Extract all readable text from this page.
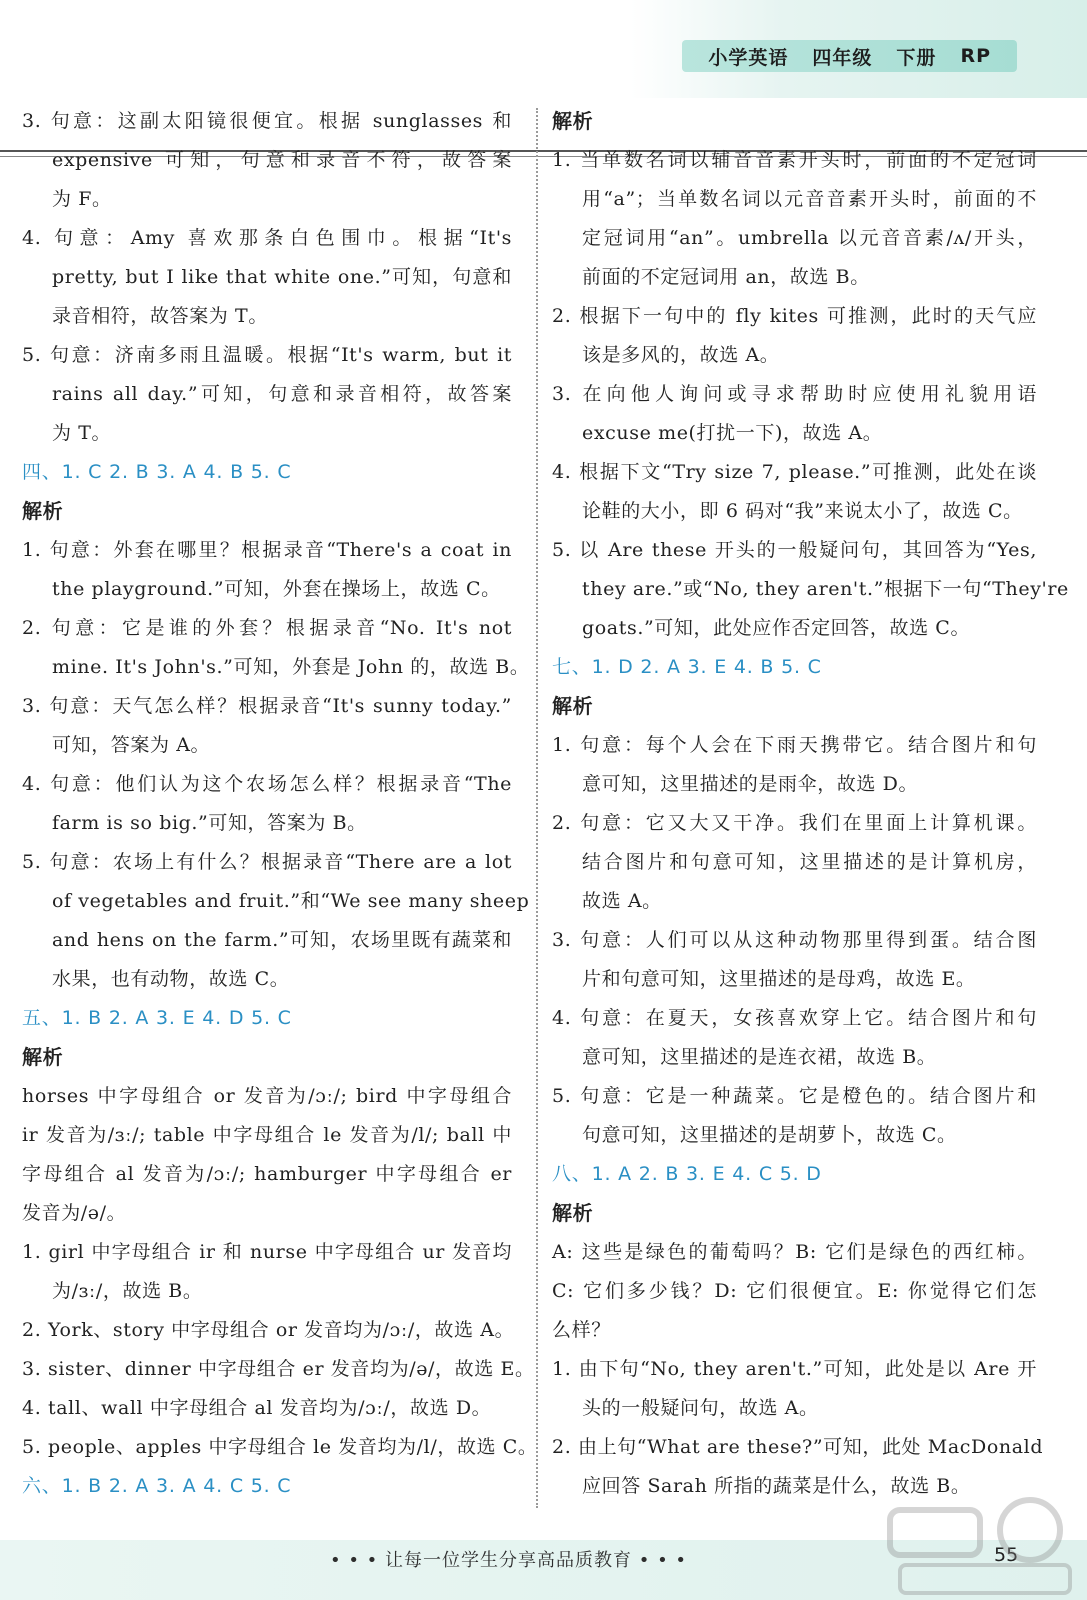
小学英语	四年级	下册	RP
3. 句意：这副太阳镜很便宜。根据 sunglasses 和
expensive 可知，句意和录音不符，故答案
为 F。
4. 句意：Amy 喜欢那条白色围巾。根据“It's
pretty, but I like that white one.”可知，句意和
录音相符，故答案为 T。
5. 句意：济南多雨且温暖。根据“It's warm, but it
rains all day.”可知，句意和录音相符，故答案
为 T。
四、1. C 2. B 3. A 4. B 5. C
解析
1. 句意：外套在哪里？根据录音“There's a coat in
the playground.”可知，外套在操场上，故选 C。
2. 句意：它是谁的外套？根据录音“No. It's not
mine. It's John's.”可知，外套是 John 的，故选 B。
3. 句意：天气怎么样？根据录音“It's sunny today.”
可知，答案为 A。
4. 句意：他们认为这个农场怎么样？根据录音“The
farm is so big.”可知，答案为 B。
5. 句意：农场上有什么？根据录音“There are a lot
of vegetables and fruit.”和“We see many sheep
and hens on the farm.”可知，农场里既有蔬菜和
水果，也有动物，故选 C。
五、1. B 2. A 3. E 4. D 5. C
解析
horses 中字母组合 or 发音为/ɔː/; bird 中字母组合
ir 发音为/ɜː/; table 中字母组合 le 发音为/l/; ball 中
字母组合 al 发音为/ɔː/; hamburger 中字母组合 er
发音为/ə/。
1. girl 中字母组合 ir 和 nurse 中字母组合 ur 发音均
为/ɜː/，故选 B。
2. York、story 中字母组合 or 发音均为/ɔː/，故选 A。
3. sister、dinner 中字母组合 er 发音均为/ə/，故选 E。
4. tall、wall 中字母组合 al 发音均为/ɔː/，故选 D。
5. people、apples 中字母组合 le 发音均为/l/，故选 C。
六、1. B 2. A 3. A 4. C 5. C
解析
1. 当单数名词以辅音音素开头时，前面的不定冠词
用“a”；当单数名词以元音音素开头时，前面的不
定冠词用“an”。umbrella 以元音音素/ʌ/开头，
前面的不定冠词用 an，故选 B。
2. 根据下一句中的 fly kites 可推测，此时的天气应
该是多风的，故选 A。
3. 在向他人询问或寻求帮助时应使用礼貌用语
excuse me(打扰一下)，故选 A。
4. 根据下文“Try size 7, please.”可推测，此处在谈
论鞋的大小，即 6 码对“我”来说太小了，故选 C。
5. 以 Are these 开头的一般疑问句，其回答为“Yes,
they are.”或“No, they aren't.”根据下一句“They're
goats.”可知，此处应作否定回答，故选 C。
七、1. D 2. A 3. E 4. B 5. C
解析
1. 句意：每个人会在下雨天携带它。结合图片和句
意可知，这里描述的是雨伞，故选 D。
2. 句意：它又大又干净。我们在里面上计算机课。
结合图片和句意可知，这里描述的是计算机房，
故选 A。
3. 句意：人们可以从这种动物那里得到蛋。结合图
片和句意可知，这里描述的是母鸡，故选 E。
4. 句意：在夏天，女孩喜欢穿上它。结合图片和句
意可知，这里描述的是连衣裙，故选 B。
5. 句意：它是一种蔬菜。它是橙色的。结合图片和
句意可知，这里描述的是胡萝卜，故选 C。
八、1. A 2. B 3. E 4. C 5. D
解析
A: 这些是绿色的葡萄吗？B: 它们是绿色的西红柿。
C: 它们多少钱？D: 它们很便宜。E: 你觉得它们怎
么样？
1. 由下句“No, they aren't.”可知，此处是以 Are 开
头的一般疑问句，故选 A。
2. 由上句“What are these?”可知，此处 MacDonald
应回答 Sarah 所指的蔬菜是什么，故选 B。
• • • 让每一位学生分享高品质教育 • • •	55
